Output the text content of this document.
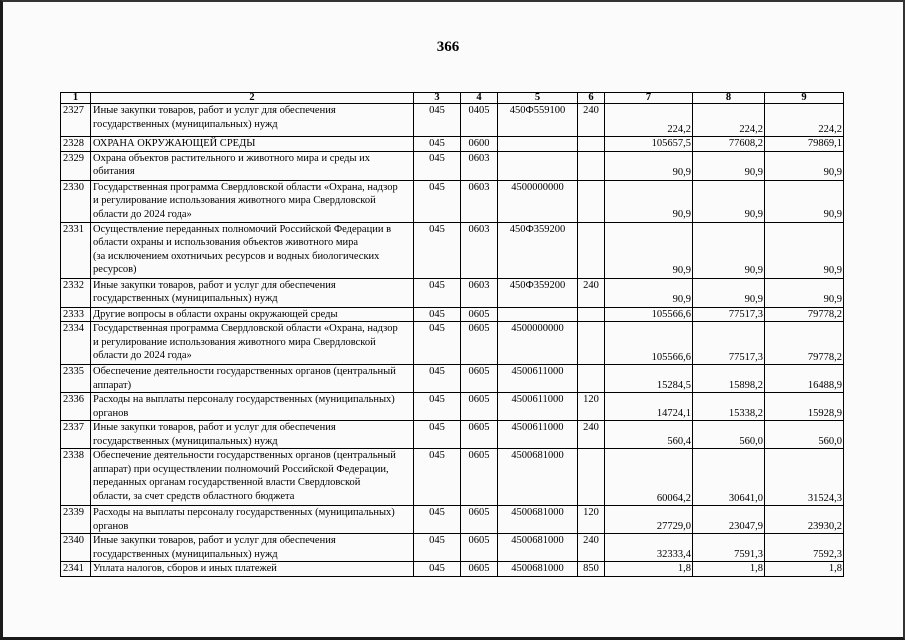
366
1	2	3	4	5	6	7	8	9
2327	Иные закупки товаров, работ и услуг для обеспечения
государственных (муниципальных) нужд	045	0405	450Ф559100	240	224,2	224,2	224,2
2328	ОХРАНА ОКРУЖАЮЩЕЙ СРЕДЫ	045	0600			105657,5	77608,2	79869,1
2329	Охрана объектов растительного и животного мира и среды их
обитания	045	0603			90,9	90,9	90,9
2330	Государственная программа Свердловской области «Охрана, надзор
и регулирование использования животного мира Свердловской
области до 2024 года»	045	0603	4500000000		90,9	90,9	90,9
2331	Осуществление переданных полномочий Российской Федерации в
области охраны и использования объектов животного мира
(за исключением охотничьих ресурсов и водных биологических
ресурсов)	045	0603	450Ф359200		90,9	90,9	90,9
2332	Иные закупки товаров, работ и услуг для обеспечения
государственных (муниципальных) нужд	045	0603	450Ф359200	240	90,9	90,9	90,9
2333	Другие вопросы в области охраны окружающей среды	045	0605			105566,6	77517,3	79778,2
2334	Государственная программа Свердловской области «Охрана, надзор
и регулирование использования животного мира Свердловской
области до 2024 года»	045	0605	4500000000		105566,6	77517,3	79778,2
2335	Обеспечение деятельности государственных органов (центральный
аппарат)	045	0605	4500611000		15284,5	15898,2	16488,9
2336	Расходы на выплаты персоналу государственных (муниципальных)
органов	045	0605	4500611000	120	14724,1	15338,2	15928,9
2337	Иные закупки товаров, работ и услуг для обеспечения
государственных (муниципальных) нужд	045	0605	4500611000	240	560,4	560,0	560,0
2338	Обеспечение деятельности государственных органов (центральный
аппарат) при осуществлении полномочий Российской Федерации,
переданных органам государственной власти Свердловской
области, за счет средств областного бюджета	045	0605	4500681000		60064,2	30641,0	31524,3
2339	Расходы на выплаты персоналу государственных (муниципальных)
органов	045	0605	4500681000	120	27729,0	23047,9	23930,2
2340	Иные закупки товаров, работ и услуг для обеспечения
государственных (муниципальных) нужд	045	0605	4500681000	240	32333,4	7591,3	7592,3
2341	Уплата налогов, сборов и иных платежей	045	0605	4500681000	850	1,8	1,8	1,8
